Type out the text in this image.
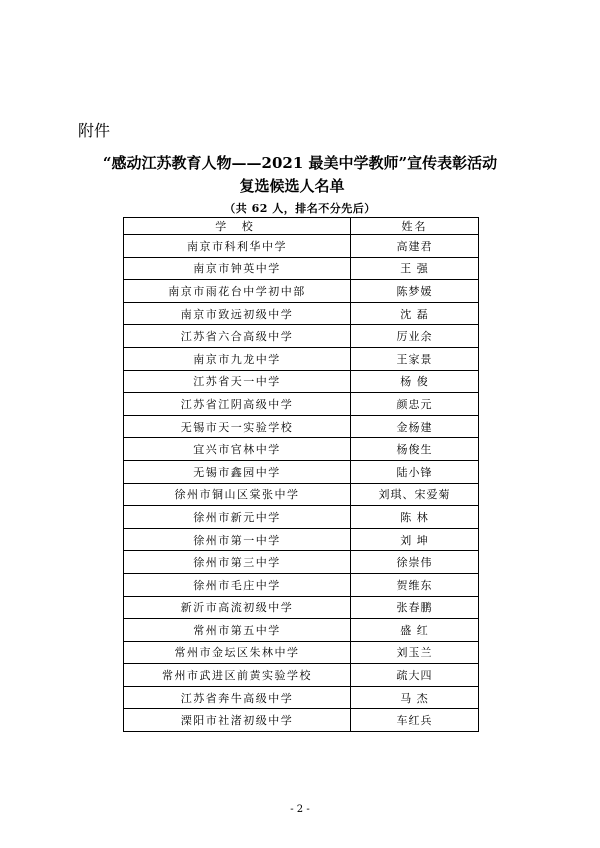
附件
“感动江苏教育人物——2021 最美中学教师”宣传表彰活动
复选候选人名单
（共 62 人，排名不分先后）
学 校	姓名
南京市科利华中学	高建君
南京市钟英中学	王 强
南京市雨花台中学初中部	陈梦媛
南京市致远初级中学	沈 磊
江苏省六合高级中学	厉业余
南京市九龙中学	王家景
江苏省天一中学	杨 俊
江苏省江阴高级中学	颜忠元
无锡市天一实验学校	金杨建
宜兴市官林中学	杨俊生
无锡市鑫园中学	陆小锋
徐州市铜山区棠张中学	刘琪、宋爱菊
徐州市新元中学	陈 林
徐州市第一中学	刘 坤
徐州市第三中学	徐崇伟
徐州市毛庄中学	贺维东
新沂市高流初级中学	张春鹏
常州市第五中学	盛 红
常州市金坛区朱林中学	刘玉兰
常州市武进区前黄实验学校	疏大四
江苏省奔牛高级中学	马 杰
溧阳市社渚初级中学	车红兵
- 2 -
